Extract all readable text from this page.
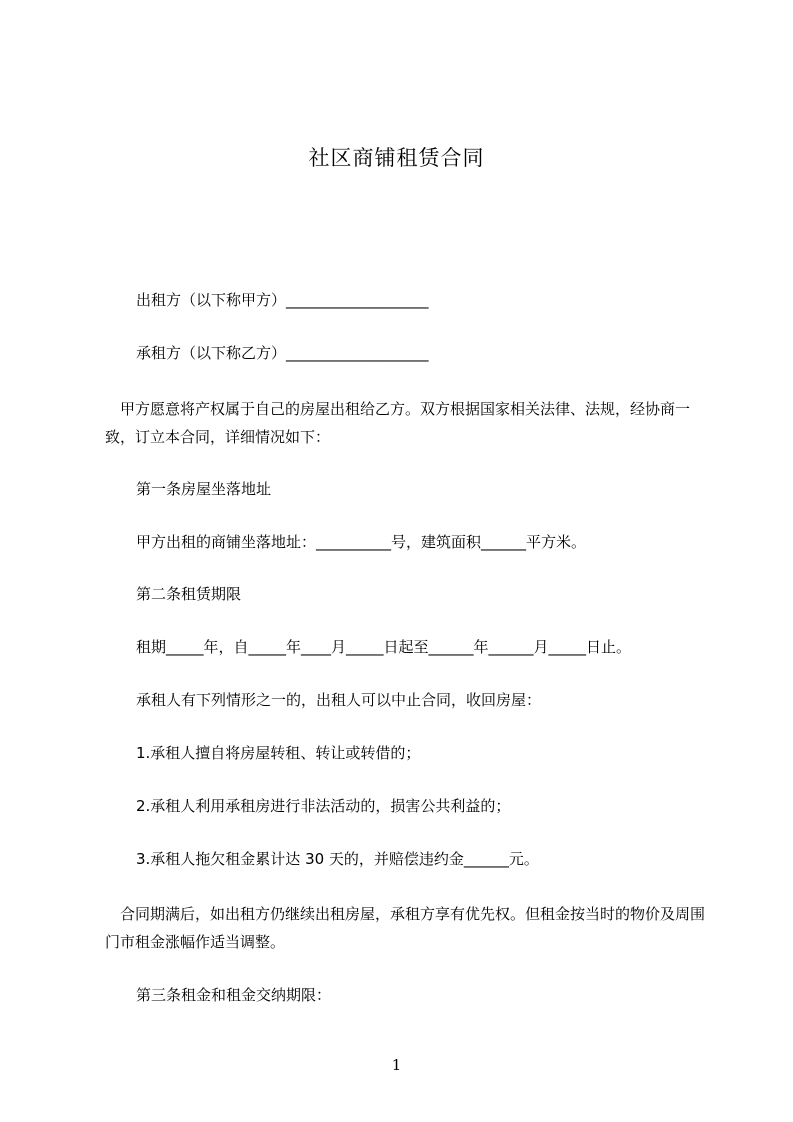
社区商铺租赁合同
出租方（以下称甲方）___________________
承租方（以下称乙方）___________________
　甲方愿意将产权属于自己的房屋出租给乙方。双方根据国家相关法律、法规，经协商一致，订立本合同，详细情况如下：
第一条房屋坐落地址
甲方出租的商铺坐落地址：__________号，建筑面积______平方米。
第二条租赁期限
租期_____年，自_____年____月_____日起至______年______月_____日止。
承租人有下列情形之一的，出租人可以中止合同，收回房屋：
1.承租人擅自将房屋转租、转让或转借的；
2.承租人利用承租房进行非法活动的，损害公共利益的；
3.承租人拖欠租金累计达 30 天的，并赔偿违约金______元。
　合同期满后，如出租方仍继续出租房屋，承租方享有优先权。但租金按当时的物价及周围门市租金涨幅作适当调整。
第三条租金和租金交纳期限：
1
